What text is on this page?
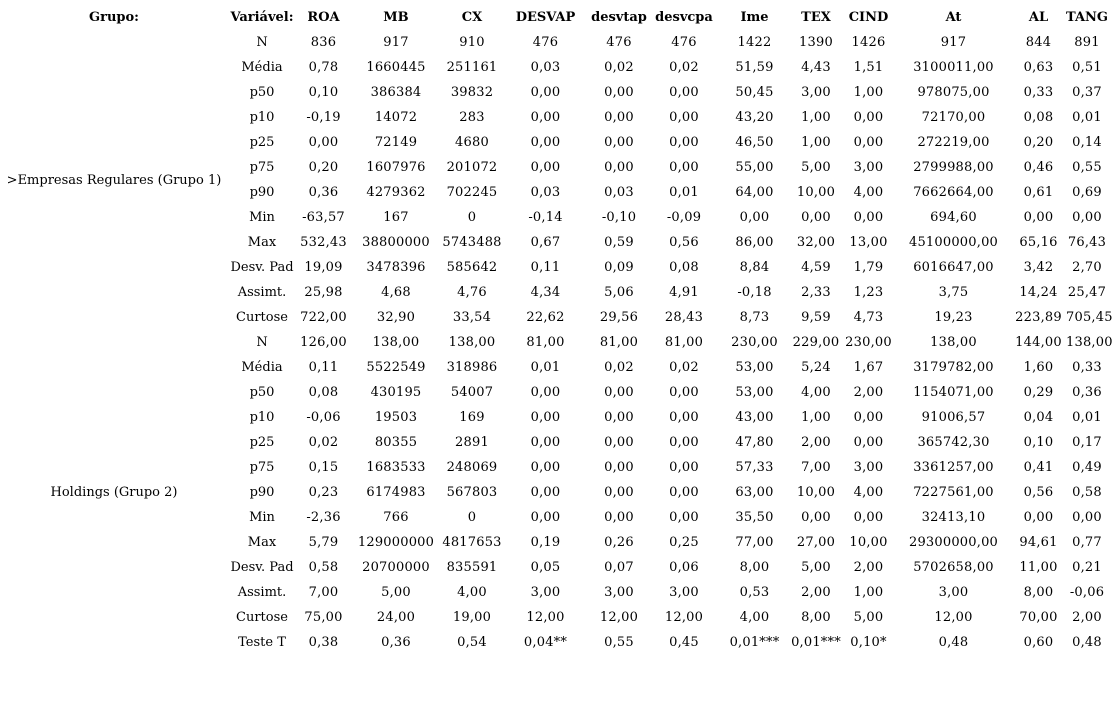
Grupo:	Variável:	ROA	MB	CX	DESVAP	desvtap	desvcpa	Ime	TEX	CIND	At	AL	TANG
>Empresas Regulares (Grupo 1)	N	836	917	910	476	476	476	1422	1390	1426	917	844	891
	Média	0,78	1660445	251161	0,03	0,02	0,02	51,59	4,43	1,51	3100011,00	0,63	0,51
	p50	0,10	386384	39832	0,00	0,00	0,00	50,45	3,00	1,00	978075,00	0,33	0,37
	p10	-0,19	14072	283	0,00	0,00	0,00	43,20	1,00	0,00	72170,00	0,08	0,01
	p25	0,00	72149	4680	0,00	0,00	0,00	46,50	1,00	0,00	272219,00	0,20	0,14
	p75	0,20	1607976	201072	0,00	0,00	0,00	55,00	5,00	3,00	2799988,00	0,46	0,55
	p90	0,36	4279362	702245	0,03	0,03	0,01	64,00	10,00	4,00	7662664,00	0,61	0,69
	Min	-63,57	167	0	-0,14	-0,10	-0,09	0,00	0,00	0,00	694,60	0,00	0,00
	Max	532,43	38800000	5743488	0,67	0,59	0,56	86,00	32,00	13,00	45100000,00	65,16	76,43
	Desv. Pad	19,09	3478396	585642	0,11	0,09	0,08	8,84	4,59	1,79	6016647,00	3,42	2,70
	Assimt.	25,98	4,68	4,76	4,34	5,06	4,91	-0,18	2,33	1,23	3,75	14,24	25,47
	Curtose	722,00	32,90	33,54	22,62	29,56	28,43	8,73	9,59	4,73	19,23	223,89	705,45
Holdings (Grupo 2)	N	126,00	138,00	138,00	81,00	81,00	81,00	230,00	229,00	230,00	138,00	144,00	138,00
	Média	0,11	5522549	318986	0,01	0,02	0,02	53,00	5,24	1,67	3179782,00	1,60	0,33
	p50	0,08	430195	54007	0,00	0,00	0,00	53,00	4,00	2,00	1154071,00	0,29	0,36
	p10	-0,06	19503	169	0,00	0,00	0,00	43,00	1,00	0,00	91006,57	0,04	0,01
	p25	0,02	80355	2891	0,00	0,00	0,00	47,80	2,00	0,00	365742,30	0,10	0,17
	p75	0,15	1683533	248069	0,00	0,00	0,00	57,33	7,00	3,00	3361257,00	0,41	0,49
	p90	0,23	6174983	567803	0,00	0,00	0,00	63,00	10,00	4,00	7227561,00	0,56	0,58
	Min	-2,36	766	0	0,00	0,00	0,00	35,50	0,00	0,00	32413,10	0,00	0,00
	Max	5,79	129000000	4817653	0,19	0,26	0,25	77,00	27,00	10,00	29300000,00	94,61	0,77
	Desv. Pad	0,58	20700000	835591	0,05	0,07	0,06	8,00	5,00	2,00	5702658,00	11,00	0,21
	Assimt.	7,00	5,00	4,00	3,00	3,00	3,00	0,53	2,00	1,00	3,00	8,00	-0,06
	Curtose	75,00	24,00	19,00	12,00	12,00	12,00	4,00	8,00	5,00	12,00	70,00	2,00
	Teste T	0,38	0,36	0,54	0,04**	0,55	0,45	0,01***	0,01***	0,10*	0,48	0,60	0,48
